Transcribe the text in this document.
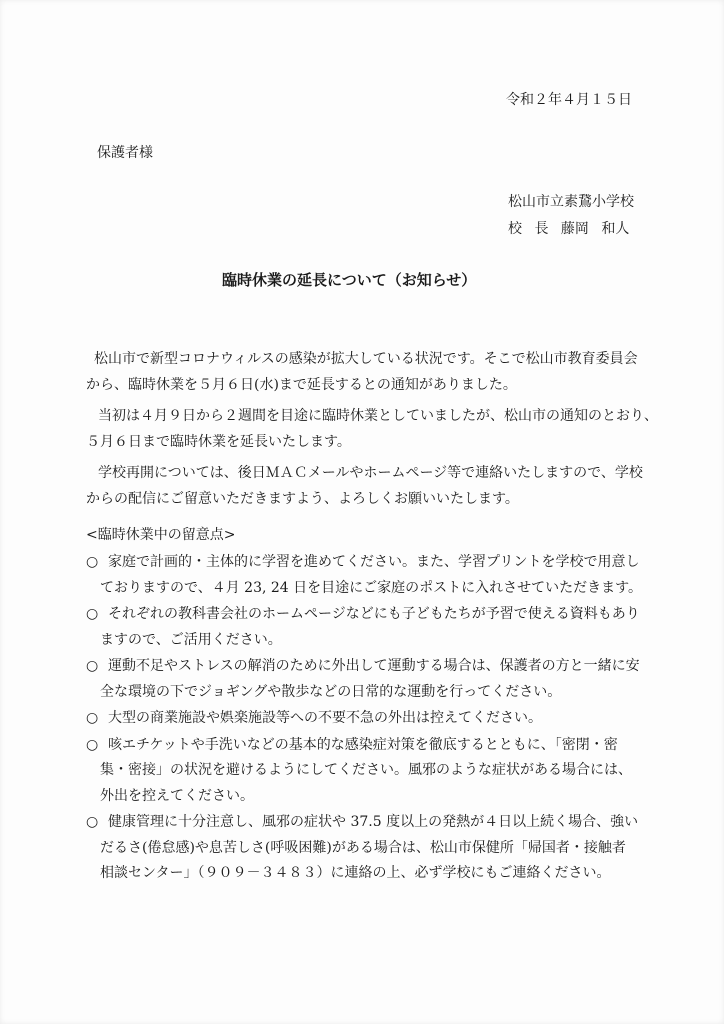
令和２年４月１５日
保護者様
松山市立素鵞小学校
校 長 藤岡 和人
臨時休業の延長について（お知らせ）

松山市で新型コロナウィルスの感染が拡大している状況です。そこで松山市教育委員会
から、臨時休業を５月６日(水)まで延長するとの通知がありました。

当初は４月９日から２週間を目途に臨時休業としていましたが、松山市の通知のとおり、
５月６日まで臨時休業を延長いたします。

学校再開については、後日ＭＡＣメールやホームページ等で連絡いたしますので、学校
からの配信にご留意いただきますよう、よろしくお願いいたします。

<臨時休業中の留意点>
○ 家庭で計画的・主体的に学習を進めてください。また、学習プリントを学校で用意し
ておりますので、４月 23, 24 日を目途にご家庭のポストに入れさせていただきます。
○ それぞれの教科書会社のホームページなどにも子どもたちが予習で使える資料もあり
ますので、ご活用ください。
○ 運動不足やストレスの解消のために外出して運動する場合は、保護者の方と一緒に安
全な環境の下でジョギングや散歩などの日常的な運動を行ってください。
○ 大型の商業施設や娯楽施設等への不要不急の外出は控えてください。
○ 咳エチケットや手洗いなどの基本的な感染症対策を徹底するとともに、「密閉・密
集・密接」の状況を避けるようにしてください。風邪のような症状がある場合には、
外出を控えてください。
○ 健康管理に十分注意し、風邪の症状や 37.5 度以上の発熱が４日以上続く場合、強い
だるさ(倦怠感)や息苦しさ(呼吸困難)がある場合は、松山市保健所「帰国者・接触者
相談センター」（９０９－３４８３）に連絡の上、必ず学校にもご連絡ください。
